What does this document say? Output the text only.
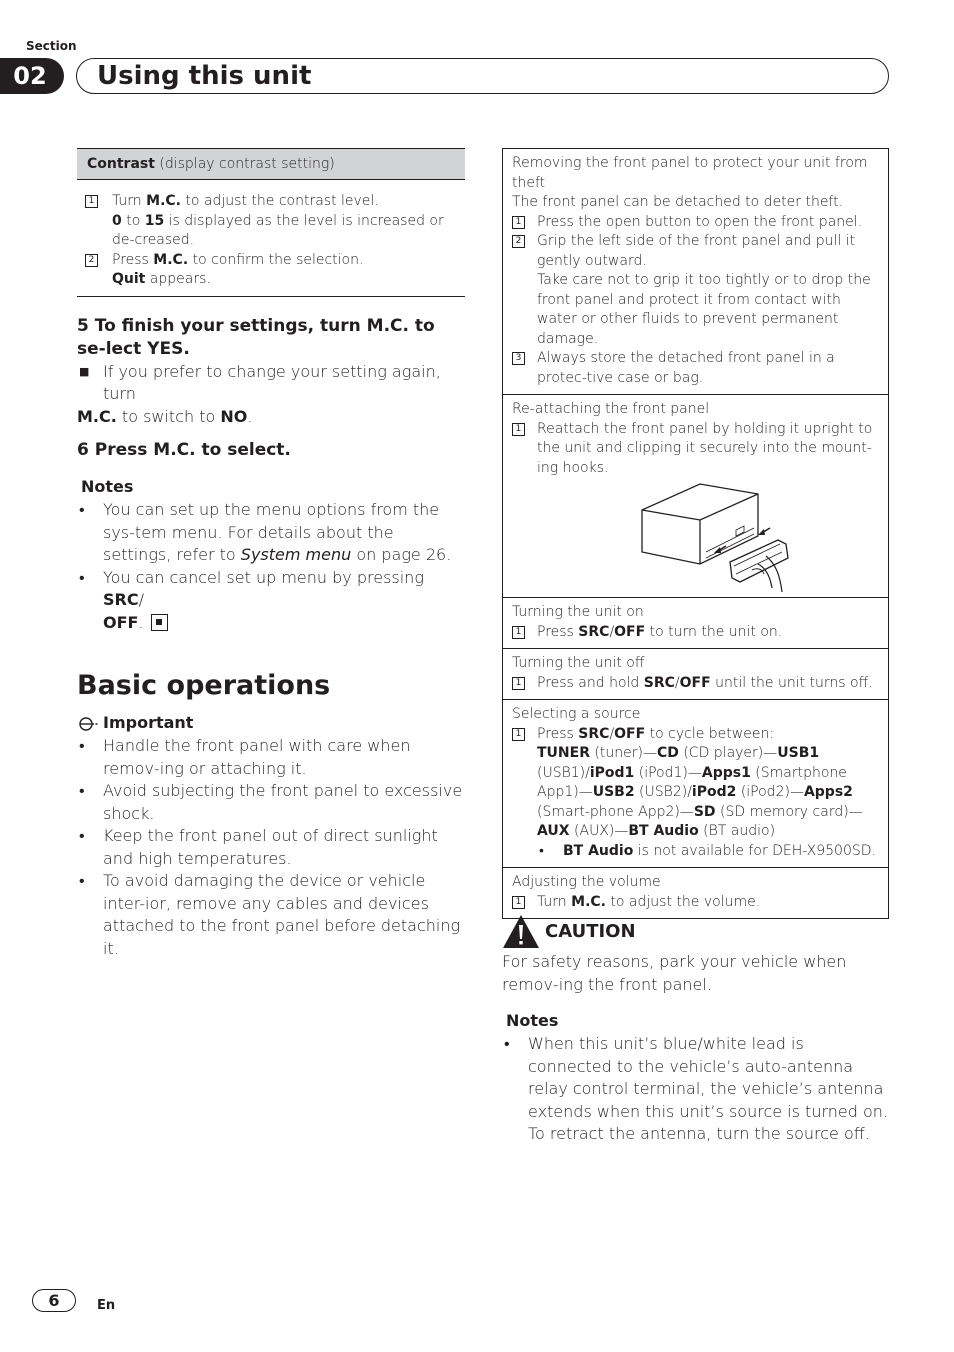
Section
02	Using this unit
Contrast (display contrast setting)
1 Turn M.C. to adjust the contrast level.
0 to 15 is displayed as the level is increased or de-creased.
2 Press M.C. to confirm the selection.
Quit appears.
5 To finish your settings, turn M.C. to se-lect YES.
■ If you prefer to change your setting again, turn
M.C. to switch to NO.
6 Press M.C. to select.
Notes
•	You can set up the menu options from the sys-tem menu. For details about the settings, refer to System menu on page 26.
•	You can cancel set up menu by pressing SRC/
OFF.
Basic operations
Important
•	Handle the front panel with care when remov-ing or attaching it.
•	Avoid subjecting the front panel to excessive shock.
•	Keep the front panel out of direct sunlight and high temperatures.
•	To avoid damaging the device or vehicle inter-ior, remove any cables and devices attached to the front panel before detaching it.
Removing the front panel to protect your unit from theft
The front panel can be detached to deter theft.
1 Press the open button to open the front panel.
2 Grip the left side of the front panel and pull it gently outward.
Take care not to grip it too tightly or to drop the front panel and protect it from contact with water or other fluids to prevent permanent damage.
3 Always store the detached front panel in a protec-tive case or bag.
Re-attaching the front panel
1 Reattach the front panel by holding it upright to the unit and clipping it securely into the mount-ing hooks.
Turning the unit on
1 Press SRC/OFF to turn the unit on.
Turning the unit off
1 Press and hold SRC/OFF until the unit turns off.
Selecting a source
1 Press SRC/OFF to cycle between:
TUNER (tuner)—CD (CD player)—USB1 (USB1)/iPod1 (iPod1)—Apps1 (Smartphone App1)—USB2 (USB2)/iPod2 (iPod2)—Apps2 (Smart-phone App2)—SD (SD memory card)—AUX (AUX)—BT Audio (BT audio)
•	BT Audio is not available for DEH-X9500SD.
Adjusting the volume
1 Turn M.C. to adjust the volume.
CAUTION
For safety reasons, park your vehicle when remov-ing the front panel.
Notes
•	When this unit’s blue/white lead is connected to the vehicle’s auto-antenna relay control terminal, the vehicle’s antenna extends when this unit’s source is turned on. To retract the antenna, turn the source off.
6	En
